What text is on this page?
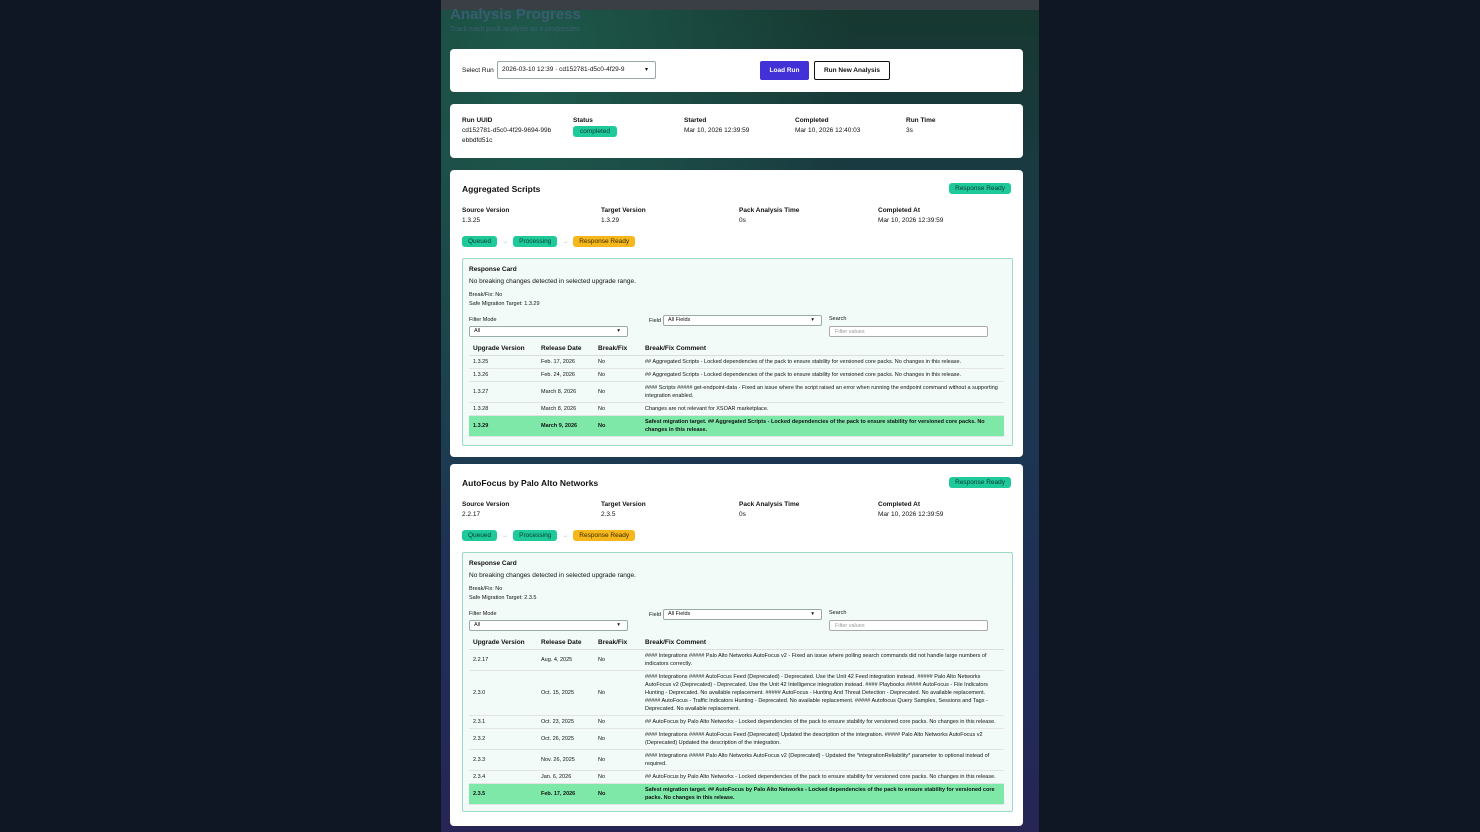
Analysis Progress
Track each pack analysis as it progresses
Select Run	2026-03-10 12:39 · cd152781-d5c0-4f29-9	▾	Load Run	Run New Analysis
Run UUID
cd152781-d5c0-4f29-9694-99b
ebbdfd51c
Status
completed
Started
Mar 10, 2026 12:39:59
Completed
Mar 10, 2026 12:40:03
Run Time
3s
Aggregated Scripts	Response Ready
Source Version
1.3.25
Target Version
1.3.29
Pack Analysis Time
0s
Completed At
Mar 10, 2026 12:39:59
Queued	→	Processing	→	Response Ready
Response Card
No breaking changes detected in selected upgrade range.
Break/Fix: No
Safe Migration Target: 1.3.29
Filter Mode
All	▾
Field	All Fields	▾	Search
Filter values
Upgrade Version	Release Date	Break/Fix	Break/Fix Comment
1.3.25	Feb. 17, 2026	No	## Aggregated Scripts - Locked dependencies of the pack to ensure stability for versioned core packs. No changes in this release.
1.3.26	Feb. 24, 2026	No	## Aggregated Scripts - Locked dependencies of the pack to ensure stability for versioned core packs. No changes in this release.
1.3.27	March 8, 2026	No	#### Scripts ##### get-endpoint-data - Fixed an issue where the script raised an error when running the endpoint command without a supporting integration enabled.
1.3.28	March 8, 2026	No	Changes are not relevant for XSOAR marketplace.
1.3.29	March 9, 2026	No	Safest migration target. ## Aggregated Scripts - Locked dependencies of the pack to ensure stability for versioned core packs. No changes in this release.
AutoFocus by Palo Alto Networks	Response Ready
Source Version
2.2.17
Target Version
2.3.5
Pack Analysis Time
0s
Completed At
Mar 10, 2026 12:39:59
Queued	→	Processing	→	Response Ready
Response Card
No breaking changes detected in selected upgrade range.
Break/Fix: No
Safe Migration Target: 2.3.5
Filter Mode
All	▾
Field	All Fields	▾	Search
Filter values
Upgrade Version	Release Date	Break/Fix	Break/Fix Comment
2.2.17	Aug. 4, 2025	No	#### Integrations ##### Palo Alto Networks AutoFocus v2 - Fixed an issue where polling search commands did not handle large numbers of indicators correctly.
2.3.0	Oct. 15, 2025	No	#### Integrations ##### AutoFocus Feed (Deprecated) - Deprecated. Use the Unit 42 Feed integration instead. ##### Palo Alto Networks AutoFocus v2 (Deprecated) - Deprecated. Use the Unit 42 Intelligence integration instead. #### Playbooks ##### AutoFocus - File Indicators Hunting - Deprecated. No available replacement. ##### AutoFocus - Hunting And Threat Detection - Deprecated. No available replacement. ##### AutoFocus - Traffic Indicators Hunting - Deprecated. No available replacement. ##### Autofocus Query Samples, Sessions and Tags - Deprecated. No available replacement.
2.3.1	Oct. 23, 2025	No	## AutoFocus by Palo Alto Networks - Locked dependencies of the pack to ensure stability for versioned core packs. No changes in this release.
2.3.2	Oct. 26, 2025	No	#### Integrations ##### AutoFocus Feed (Deprecated) Updated the description of the integration. ##### Palo Alto Networks AutoFocus v2 (Deprecated) Updated the description of the integration.
2.3.3	Nov. 26, 2025	No	#### Integrations ##### Palo Alto Networks AutoFocus v2 (Deprecated) - Updated the *integrationReliability* parameter to optional instead of required.
2.3.4	Jan. 6, 2026	No	## AutoFocus by Palo Alto Networks - Locked dependencies of the pack to ensure stability for versioned core packs. No changes in this release.
2.3.5	Feb. 17, 2026	No	Safest migration target. ## AutoFocus by Palo Alto Networks - Locked dependencies of the pack to ensure stability for versioned core packs. No changes in this release.
